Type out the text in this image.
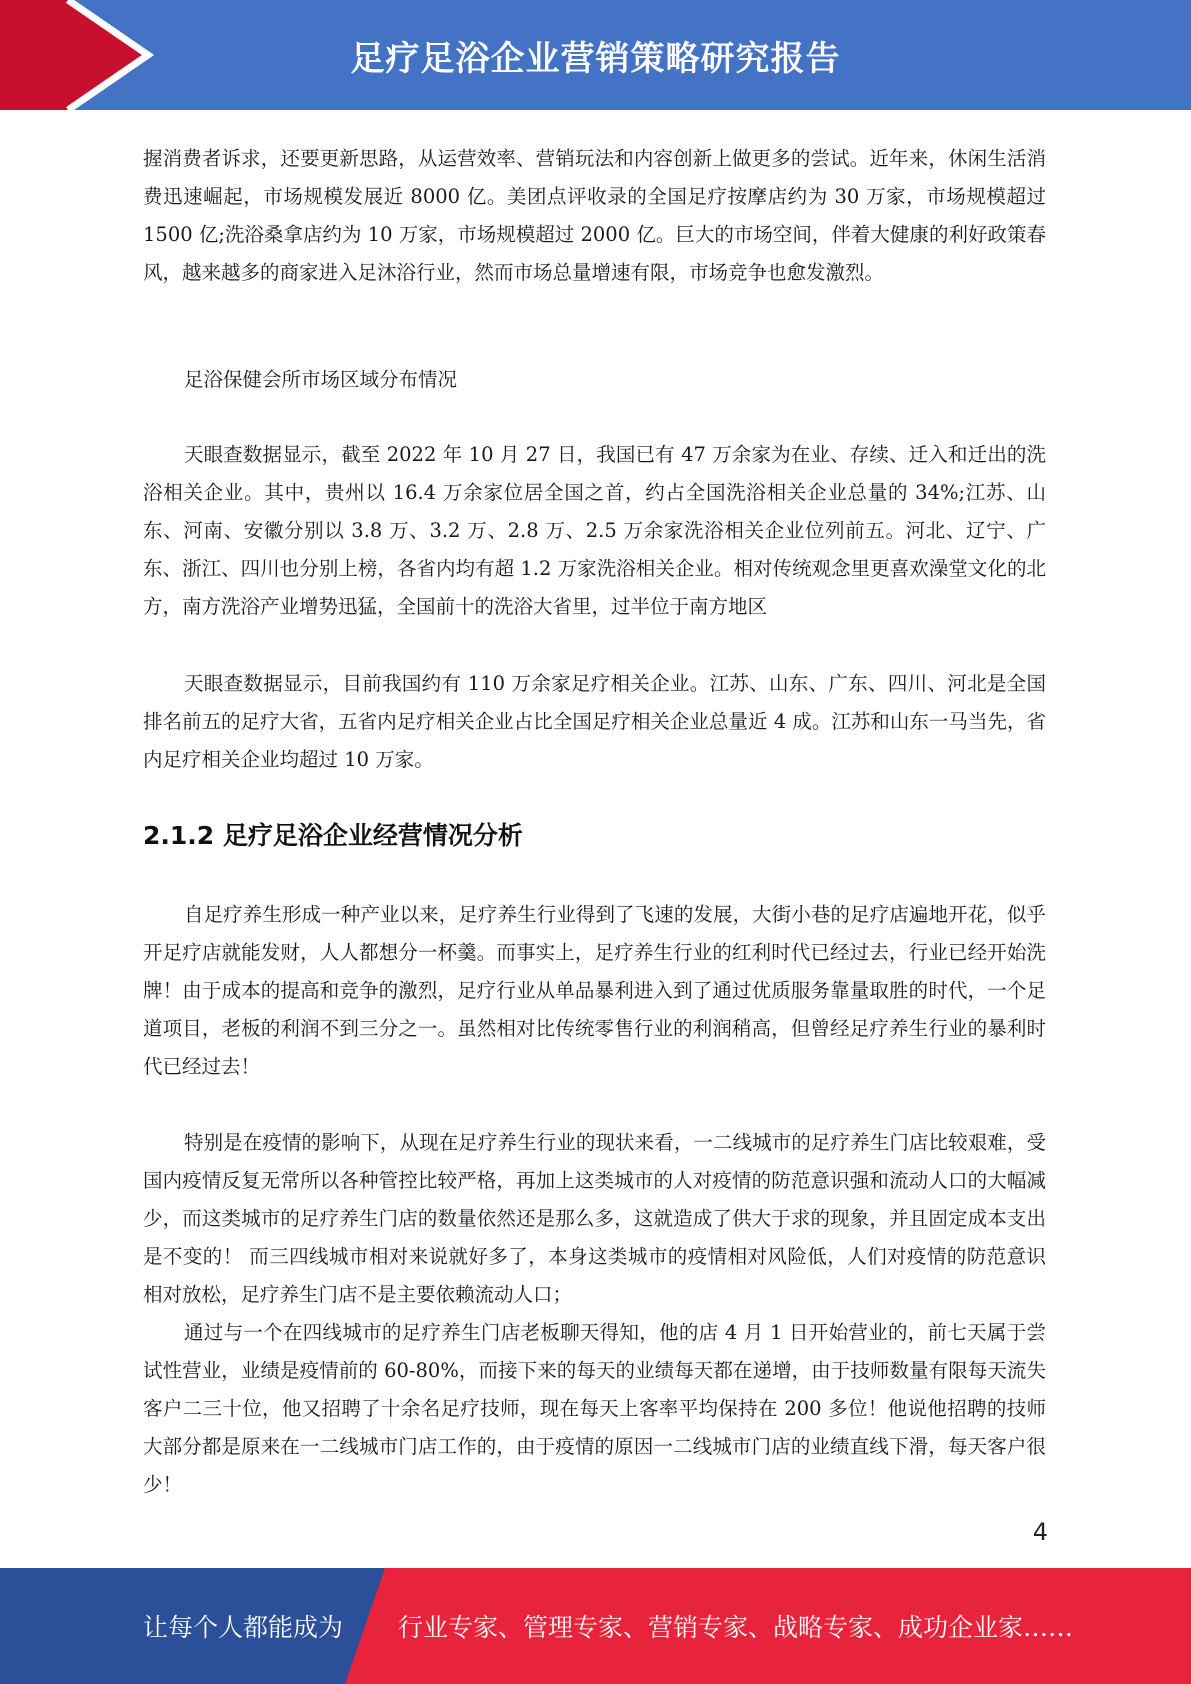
足疗足浴企业营销策略研究报告

握消费者诉求，还要更新思路，从运营效率、营销玩法和内容创新上做更多的尝试。近年来，休闲生活消费迅速崛起，市场规模发展近 8000 亿。美团点评收录的全国足疗按摩店约为 30 万家，市场规模超过 1500 亿;洗浴桑拿店约为 10 万家，市场规模超过 2000 亿。巨大的市场空间，伴着大健康的利好政策春风，越来越多的商家进入足沐浴行业，然而市场总量增速有限，市场竞争也愈发激烈。

足浴保健会所市场区域分布情况

天眼查数据显示，截至 2022 年 10 月 27 日，我国已有 47 万余家为在业、存续、迁入和迁出的洗浴相关企业。其中，贵州以 16.4 万余家位居全国之首，约占全国洗浴相关企业总量的 34%;江苏、山东、河南、安徽分别以 3.8 万、3.2 万、2.8 万、2.5 万余家洗浴相关企业位列前五。河北、辽宁、广东、浙江、四川也分别上榜，各省内均有超 1.2 万家洗浴相关企业。相对传统观念里更喜欢澡堂文化的北方，南方洗浴产业增势迅猛，全国前十的洗浴大省里，过半位于南方地区

天眼查数据显示，目前我国约有 110 万余家足疗相关企业。江苏、山东、广东、四川、河北是全国排名前五的足疗大省，五省内足疗相关企业占比全国足疗相关企业总量近 4 成。江苏和山东一马当先，省内足疗相关企业均超过 10 万家。

2.1.2 足疗足浴企业经营情况分析

自足疗养生形成一种产业以来，足疗养生行业得到了飞速的发展，大街小巷的足疗店遍地开花，似乎开足疗店就能发财，人人都想分一杯羹。而事实上，足疗养生行业的红利时代已经过去，行业已经开始洗牌！由于成本的提高和竞争的激烈，足疗行业从单品暴利进入到了通过优质服务靠量取胜的时代，一个足道项目，老板的利润不到三分之一。虽然相对比传统零售行业的利润稍高，但曾经足疗养生行业的暴利时代已经过去！

特别是在疫情的影响下，从现在足疗养生行业的现状来看，一二线城市的足疗养生门店比较艰难，受国内疫情反复无常所以各种管控比较严格，再加上这类城市的人对疫情的防范意识强和流动人口的大幅减少，而这类城市的足疗养生门店的数量依然还是那么多，这就造成了供大于求的现象，并且固定成本支出是不变的！ 而三四线城市相对来说就好多了，本身这类城市的疫情相对风险低，人们对疫情的防范意识相对放松，足疗养生门店不是主要依赖流动人口；

通过与一个在四线城市的足疗养生门店老板聊天得知，他的店 4 月 1 日开始营业的，前七天属于尝试性营业，业绩是疫情前的 60-80%，而接下来的每天的业绩每天都在递增，由于技师数量有限每天流失客户二三十位，他又招聘了十余名足疗技师，现在每天上客率平均保持在 200 多位！他说他招聘的技师大部分都是原来在一二线城市门店工作的，由于疫情的原因一二线城市门店的业绩直线下滑，每天客户很少！

4
让每个人都能成为 行业专家、管理专家、营销专家、战略专家、成功企业家……
